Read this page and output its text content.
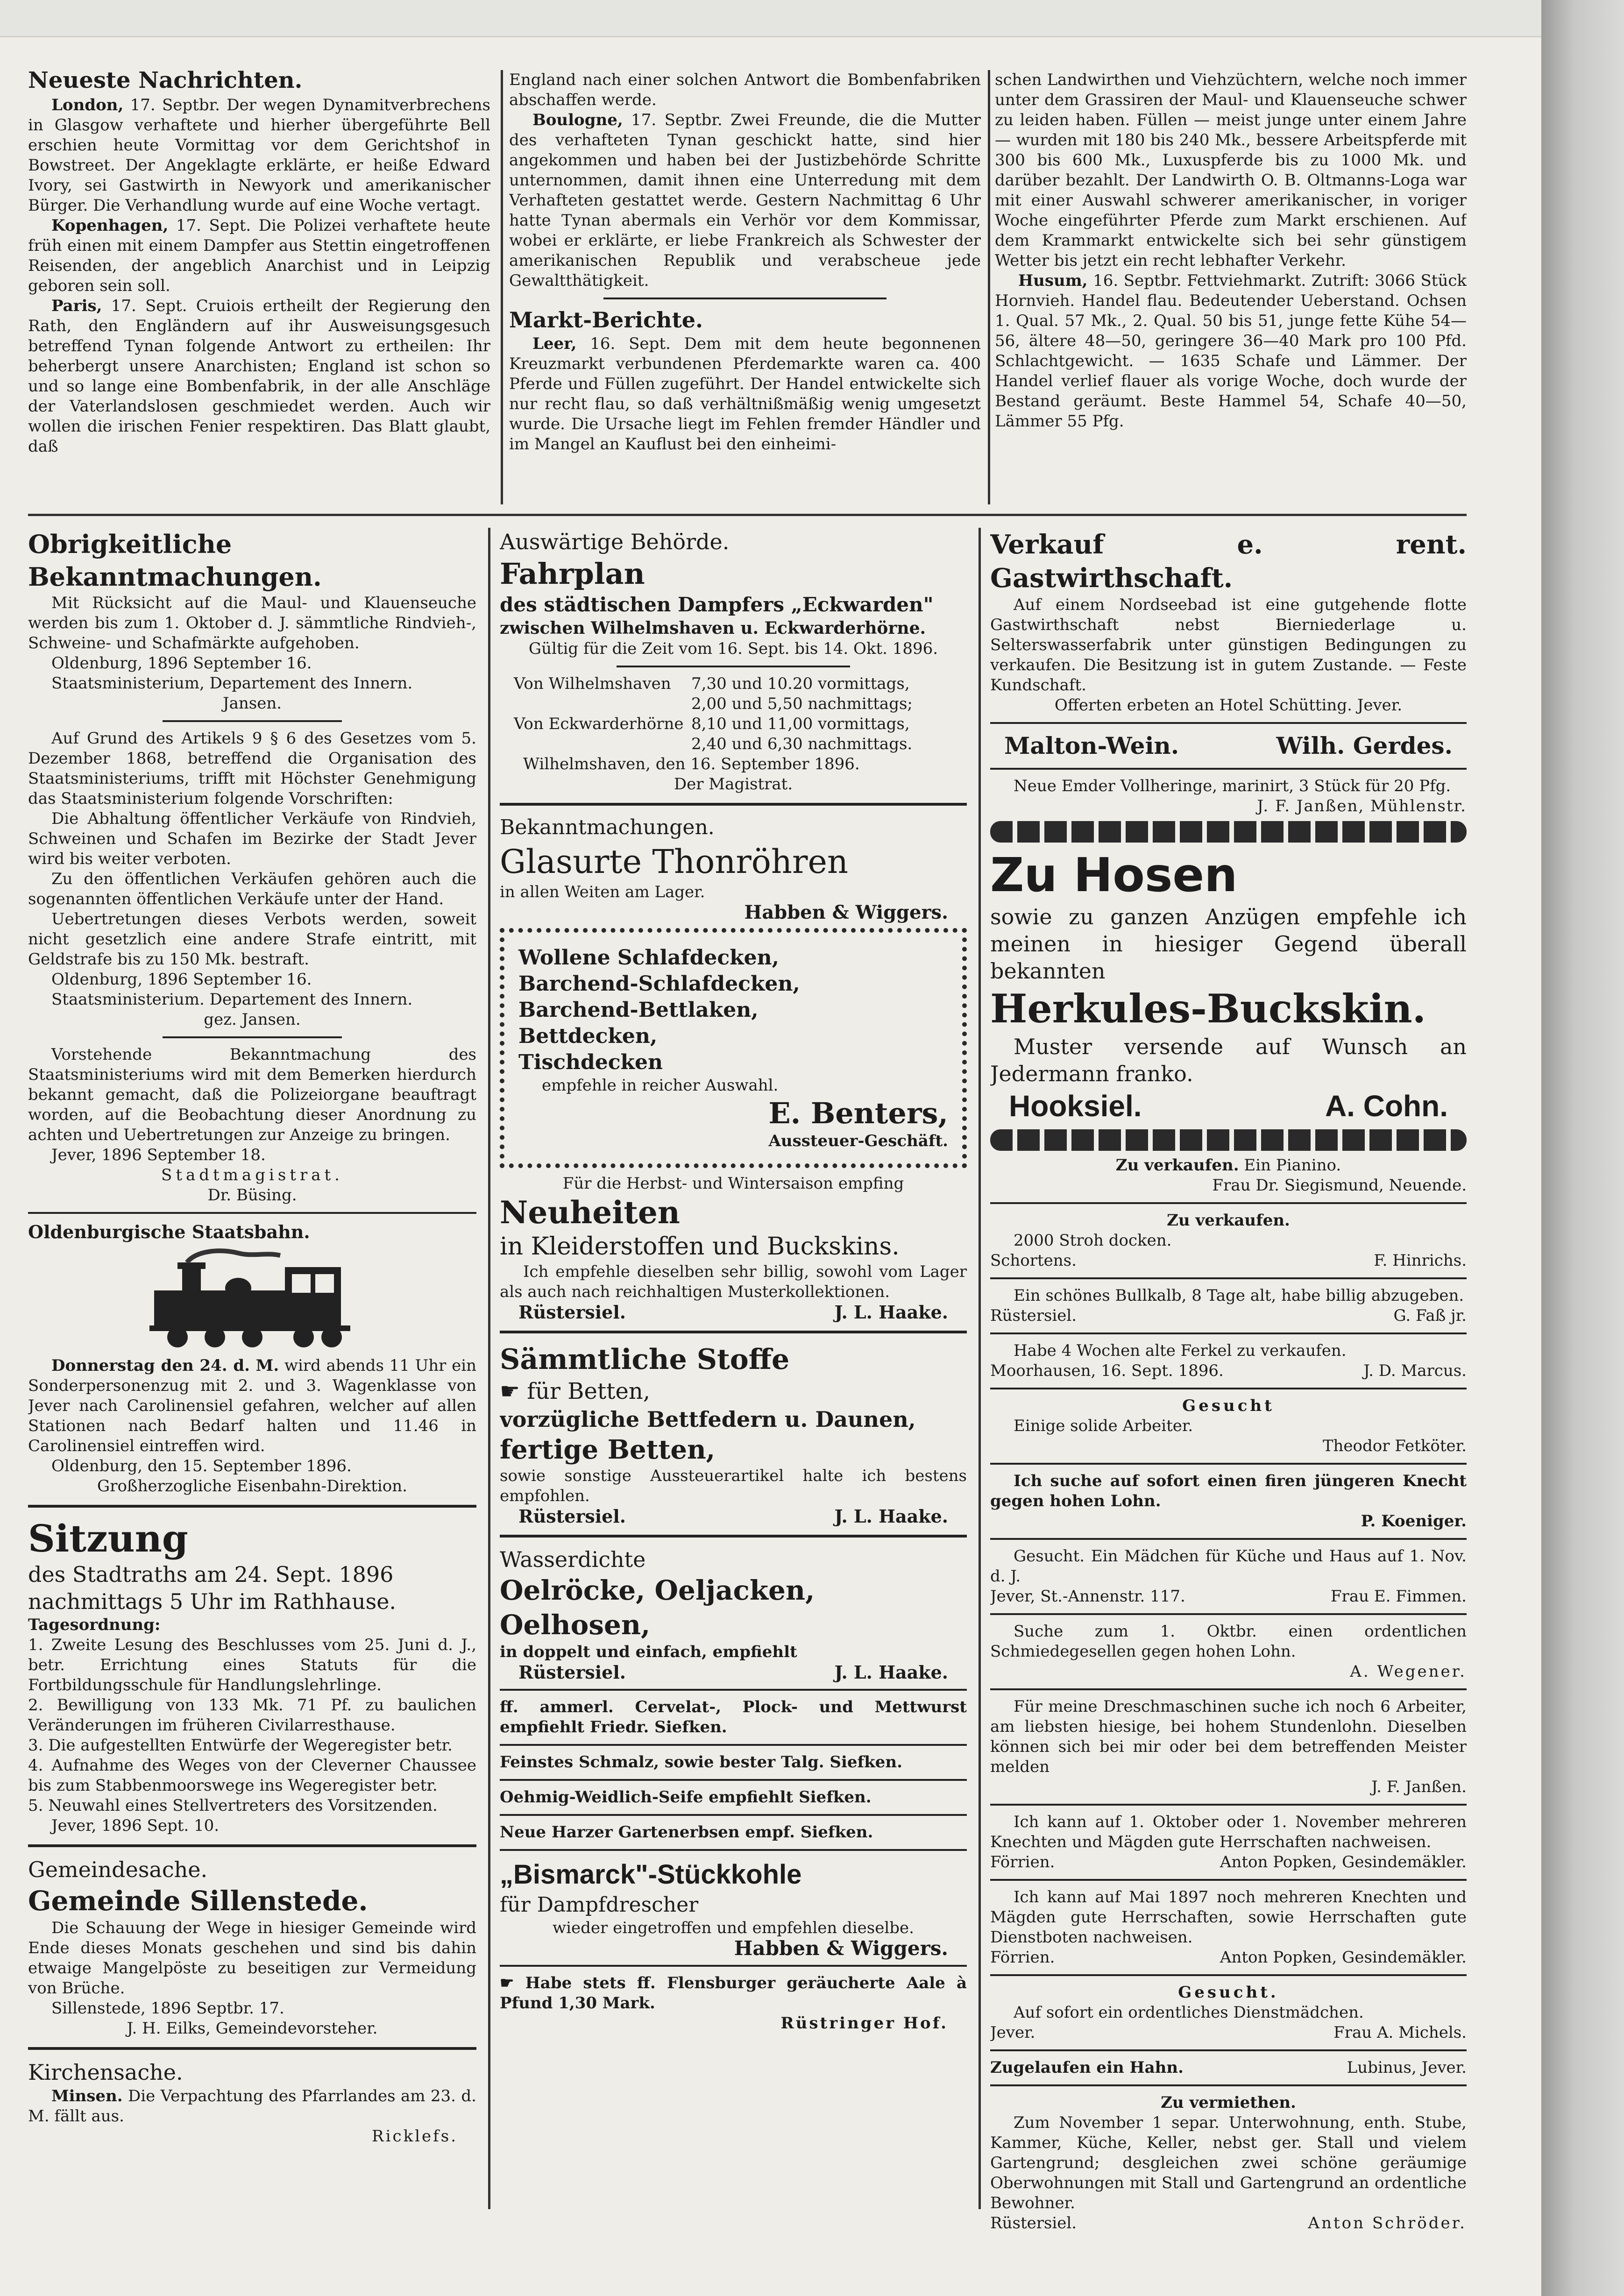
Neueste Nachrichten.

London, 17. Septbr. Der wegen Dynamitverbrechens in Glasgow verhaftete und hierher übergeführte Bell erschien heute Vormittag vor dem Gerichtshof in Bowstreet. Der Angeklagte erklärte, er heiße Edward Ivory, sei Gastwirth in Newyork und amerikanischer Bürger. Die Verhandlung wurde auf eine Woche vertagt.

Kopenhagen, 17. Sept. Die Polizei verhaftete heute früh einen mit einem Dampfer aus Stettin eingetroffenen Reisenden, der angeblich Anarchist und in Leipzig geboren sein soll.

Paris, 17. Sept. Cruiois ertheilt der Regierung den Rath, den Engländern auf ihr Ausweisungsgesuch betreffend Tynan folgende Antwort zu ertheilen: Ihr beherbergt unsere Anarchisten; England ist schon so und so lange eine Bombenfabrik, in der alle Anschläge der Vaterlandslosen geschmiedet werden. Auch wir wollen die irischen Fenier respektiren. Das Blatt glaubt, daß

England nach einer solchen Antwort die Bombenfabriken abschaffen werde.

Boulogne, 17. Septbr. Zwei Freunde, die die Mutter des verhafteten Tynan geschickt hatte, sind hier angekommen und haben bei der Justizbehörde Schritte unternommen, damit ihnen eine Unterredung mit dem Verhafteten gestattet werde. Gestern Nachmittag 6 Uhr hatte Tynan abermals ein Verhör vor dem Kommissar, wobei er erklärte, er liebe Frankreich als Schwester der amerikanischen Republik und verabscheue jede Gewaltthätigkeit.

Markt-Berichte.

Leer, 16. Sept. Dem mit dem heute begonnenen Kreuzmarkt verbundenen Pferdemarkte waren ca. 400 Pferde und Füllen zugeführt. Der Handel entwickelte sich nur recht flau, so daß verhältnißmäßig wenig umgesetzt wurde. Die Ursache liegt im Fehlen fremder Händler und im Mangel an Kauflust bei den einheimi-

schen Landwirthen und Viehzüchtern, welche noch immer unter dem Grassiren der Maul- und Klauenseuche schwer zu leiden haben. Füllen — meist junge unter einem Jahre — wurden mit 180 bis 240 Mk., bessere Arbeitspferde mit 300 bis 600 Mk., Luxuspferde bis zu 1000 Mk. und darüber bezahlt. Der Landwirth O. B. Oltmanns-Loga war mit einer Auswahl schwerer amerikanischer, in voriger Woche eingeführter Pferde zum Markt erschienen. Auf dem Krammarkt entwickelte sich bei sehr günstigem Wetter bis jetzt ein recht lebhafter Verkehr.

Husum, 16. Septbr. Fettviehmarkt. Zutrift: 3066 Stück Hornvieh. Handel flau. Bedeutender Ueberstand. Ochsen 1. Qual. 57 Mk., 2. Qual. 50 bis 51, junge fette Kühe 54—56, ältere 48—50, geringere 36—40 Mark pro 100 Pfd. Schlachtgewicht. — 1635 Schafe und Lämmer. Der Handel verlief flauer als vorige Woche, doch wurde der Bestand geräumt. Beste Hammel 54, Schafe 40—50, Lämmer 55 Pfg.

Obrigkeitliche Bekanntmachungen.

Mit Rücksicht auf die Maul- und Klauenseuche werden bis zum 1. Oktober d. J. sämmtliche Rindvieh-, Schweine- und Schafmärkte aufgehoben.

Oldenburg, 1896 September 16.

Staatsministerium, Departement des Innern.

Jansen.

Auf Grund des Artikels 9 § 6 des Gesetzes vom 5. Dezember 1868, betreffend die Organisation des Staatsministeriums, trifft mit Höchster Genehmigung das Staatsministerium folgende Vorschriften:

Die Abhaltung öffentlicher Verkäufe von Rindvieh, Schweinen und Schafen im Bezirke der Stadt Jever wird bis weiter verboten.

Zu den öffentlichen Verkäufen gehören auch die sogenannten öffentlichen Verkäufe unter der Hand.

Uebertretungen dieses Verbots werden, soweit nicht gesetzlich eine andere Strafe eintritt, mit Geldstrafe bis zu 150 Mk. bestraft.

Oldenburg, 1896 September 16.

Staatsministerium. Departement des Innern.

gez. Jansen.

Vorstehende Bekanntmachung des Staatsministeriums wird mit dem Bemerken hierdurch bekannt gemacht, daß die Polizeiorgane beauftragt worden, auf die Beobachtung dieser Anordnung zu achten und Uebertretungen zur Anzeige zu bringen.

Jever, 1896 September 18.

Stadtmagistrat.

Dr. Büsing.

Oldenburgische Staatsbahn.

Donnerstag den 24. d. M. wird abends 11 Uhr ein Sonderpersonenzug mit 2. und 3. Wagenklasse von Jever nach Carolinensiel gefahren, welcher auf allen Stationen nach Bedarf halten und 11.46 in Carolinensiel eintreffen wird.

Oldenburg, den 15. September 1896.

Großherzogliche Eisenbahn-Direktion.

Sitzung

des Stadtraths am 24. Sept. 1896

nachmittags 5 Uhr im Rathhause.

Tagesordnung:

1. Zweite Lesung des Beschlusses vom 25. Juni d. J., betr. Errichtung eines Statuts für die Fortbildungsschule für Handlungslehrlinge.

2. Bewilligung von 133 Mk. 71 Pf. zu baulichen Veränderungen im früheren Civilarresthause.

3. Die aufgestellten Entwürfe der Wegeregister betr.

4. Aufnahme des Weges von der Cleverner Chaussee bis zum Stabbenmoorswege ins Wegeregister betr.

5. Neuwahl eines Stellvertreters des Vorsitzenden.

Jever, 1896 Sept. 10.

Gemeindesache.

Gemeinde Sillenstede.

Die Schauung der Wege in hiesiger Gemeinde wird Ende dieses Monats geschehen und sind bis dahin etwaige Mangelpöste zu beseitigen zur Vermeidung von Brüche.

Sillenstede, 1896 Septbr. 17.

J. H. Eilks, Gemeindevorsteher.

Kirchensache.

Minsen. Die Verpachtung des Pfarrlandes am 23. d. M. fällt aus.

Ricklefs.

Auswärtige Behörde.

Fahrplan

des städtischen Dampfers „Eckwarden"

zwischen Wilhelmshaven u. Eckwarderhörne.

Gültig für die Zeit vom 16. Sept. bis 14. Okt. 1896.

Von Wilhelmshaven	7,30 und 10.20 vormittags,
2,00 und 5,50 nachmittags;
Von Eckwarderhörne 8,10 und 11,00 vormittags,
2,40 und 6,30 nachmittags.

Wilhelmshaven, den 16. September 1896.

Der Magistrat.

Bekanntmachungen.

Glasurte Thonröhren

in allen Weiten am Lager.

Habben & Wiggers.

Wollene Schlafdecken,

Barchend-Schlafdecken,

Barchend-Bettlaken,

Bettdecken,

Tischdecken

empfehle in reicher Auswahl.

E. Benters,

Aussteuer-Geschäft.

Für die Herbst- und Wintersaison empfing

Neuheiten

in Kleiderstoffen und Buckskins.

Ich empfehle dieselben sehr billig, sowohl vom Lager als auch nach reichhaltigen Musterkollektionen.

Rüstersiel.	J. L. Haake.

Sämmtliche Stoffe

☛ für Betten,

vorzügliche Bettfedern u. Daunen,

fertige Betten,

sowie sonstige Aussteuerartikel halte ich bestens empfohlen.

Rüstersiel.	J. L. Haake.

Wasserdichte

Oelröcke, Oeljacken,

Oelhosen,

in doppelt und einfach, empfiehlt

Rüstersiel.	J. L. Haake.

ff. ammerl. Cervelat-, Plock- und Mettwurst empfiehlt Friedr. Siefken.

Feinstes Schmalz, sowie bester Talg. Siefken.

Oehmig-Weidlich-Seife empfiehlt Siefken.

Neue Harzer Gartenerbsen empf. Siefken.

„Bismarck"-Stückkohle

für Dampfdrescher

wieder eingetroffen und empfehlen dieselbe.

Habben & Wiggers.

☛ Habe stets ff. Flensburger geräucherte Aale à Pfund 1,30 Mark.

Rüstringer Hof.

Verkauf e. rent. Gastwirthschaft.

Auf einem Nordseebad ist eine gutgehende flotte Gastwirthschaft nebst Bierniederlage u. Selterswasserfabrik unter günstigen Bedingungen zu verkaufen. Die Besitzung ist in gutem Zustande. — Feste Kundschaft.

Offerten erbeten an Hotel Schütting. Jever.

Malton-Wein.	Wilh. Gerdes.

Neue Emder Vollheringe, marinirt, 3 Stück für 20 Pfg.

J. F. Janßen, Mühlenstr.

Zu Hosen

sowie zu ganzen Anzügen empfehle ich meinen in hiesiger Gegend überall bekannten

Herkules-Buckskin.

Muster versende auf Wunsch an Jedermann franko.

Hooksiel.	A. Cohn.

Zu verkaufen. Ein Pianino.

Frau Dr. Siegismund, Neuende.

Zu verkaufen.

2000 Stroh docken.

Schortens.	F. Hinrichs.

Ein schönes Bullkalb, 8 Tage alt, habe billig abzugeben.

Rüstersiel.	G. Faß jr.

Habe 4 Wochen alte Ferkel zu verkaufen.

Moorhausen, 16. Sept. 1896.	J. D. Marcus.

Gesucht

Einige solide Arbeiter.

Theodor Fetköter.

Ich suche auf sofort einen firen jüngeren Knecht gegen hohen Lohn.

P. Koeniger.

Gesucht. Ein Mädchen für Küche und Haus auf 1. Nov. d. J.

Jever, St.-Annenstr. 117.	Frau E. Fimmen.

Suche zum 1. Oktbr. einen ordentlichen Schmiedegesellen gegen hohen Lohn.

A. Wegener.

Für meine Dreschmaschinen suche ich noch 6 Arbeiter, am liebsten hiesige, bei hohem Stundenlohn. Dieselben können sich bei mir oder bei dem betreffenden Meister melden

J. F. Janßen.

Ich kann auf 1. Oktober oder 1. November mehreren Knechten und Mägden gute Herrschaften nachweisen.

Förrien.	Anton Popken, Gesindemäkler.

Ich kann auf Mai 1897 noch mehreren Knechten und Mägden gute Herrschaften, sowie Herrschaften gute Dienstboten nachweisen.

Förrien.	Anton Popken, Gesindemäkler.

Gesucht.

Auf sofort ein ordentliches Dienstmädchen.

Jever.	Frau A. Michels.
Zugelaufen ein Hahn.	Lubinus, Jever.

Zu vermiethen.

Zum November 1 separ. Unterwohnung, enth. Stube, Kammer, Küche, Keller, nebst ger. Stall und vielem Gartengrund; desgleichen zwei schöne geräumige Oberwohnungen mit Stall und Gartengrund an ordentliche Bewohner.

Rüstersiel.	Anton Schröder.
